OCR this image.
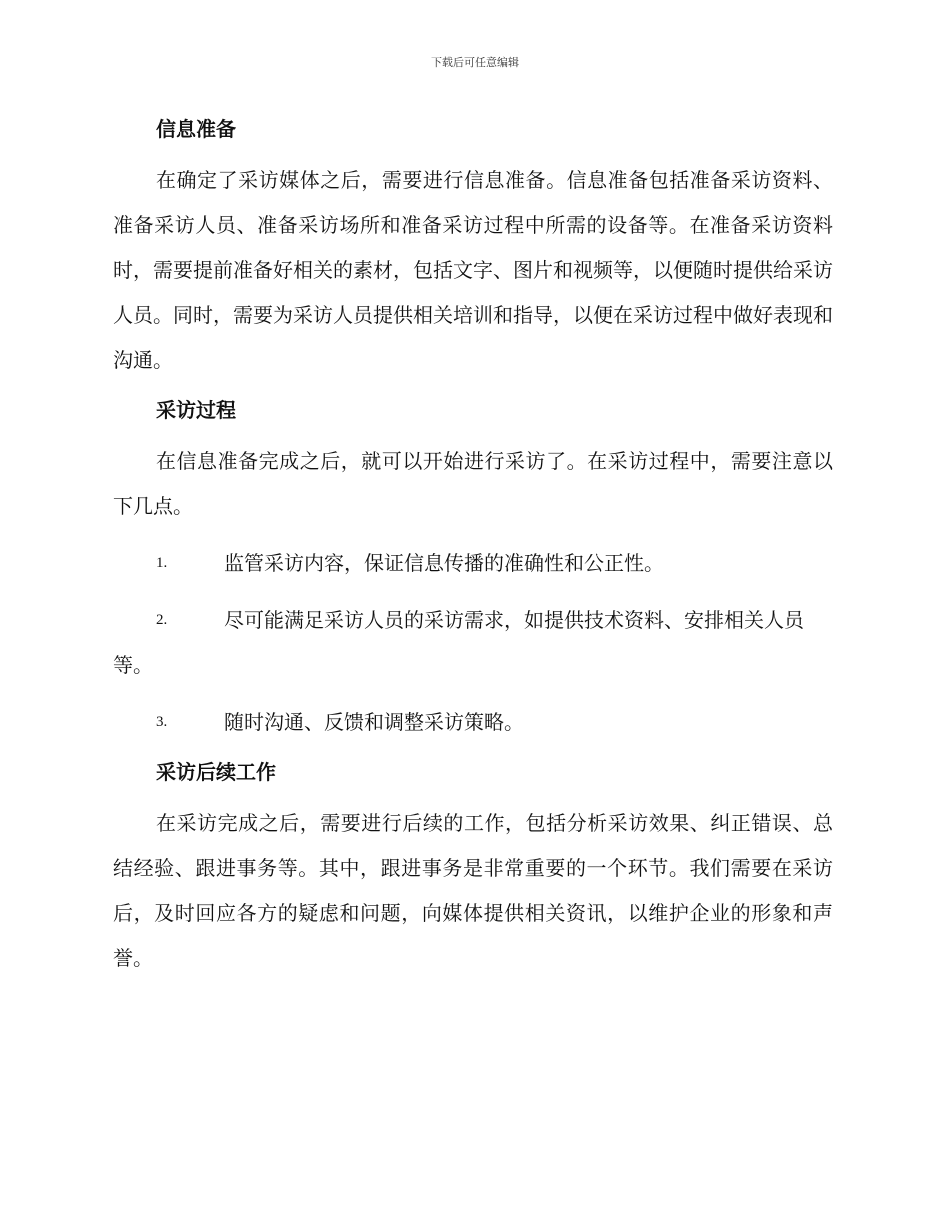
下载后可任意编辑
信息准备

在确定了采访媒体之后，需要进行信息准备。信息准备包括准备采访资料、准备采访人员、准备采访场所和准备采访过程中所需的设备等。在准备采访资料时，需要提前准备好相关的素材，包括文字、图片和视频等，以便随时提供给采访人员。同时，需要为采访人员提供相关培训和指导，以便在采访过程中做好表现和沟通。

采访过程

在信息准备完成之后，就可以开始进行采访了。在采访过程中，需要注意以下几点。

1.	监管采访内容，保证信息传播的准确性和公正性。
2.	尽可能满足采访人员的采访需求，如提供技术资料、安排相关人员等。
3.	随时沟通、反馈和调整采访策略。
采访后续工作

在采访完成之后，需要进行后续的工作，包括分析采访效果、纠正错误、总结经验、跟进事务等。其中，跟进事务是非常重要的一个环节。我们需要在采访后，及时回应各方的疑虑和问题，向媒体提供相关资讯，以维护企业的形象和声誉。
